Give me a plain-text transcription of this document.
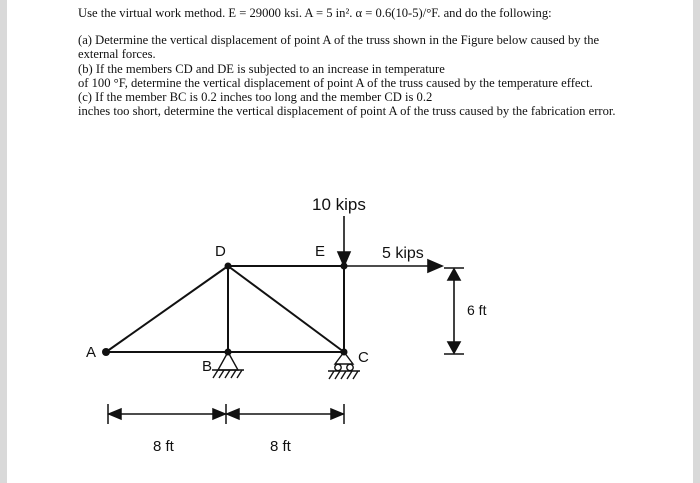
Use the virtual work method. E = 29000 ksi. A = 5 in². α = 0.6(10-5)/°F. and do the following:

(a) Determine the vertical displacement of point A of the truss shown in the Figure below caused by the external forces.

(b) If the members CD and DE is subjected to an increase in temperature

of 100 °F, determine the vertical displacement of point A of the truss caused by the temperature effect.

(c) If the member BC is 0.2 inches too long and the member CD is 0.2

inches too short, determine the vertical displacement of point A of the truss caused by the fabrication error.

10 kips
5 kips
6 ft
8 ft	8 ft
A
B
C
D	E
